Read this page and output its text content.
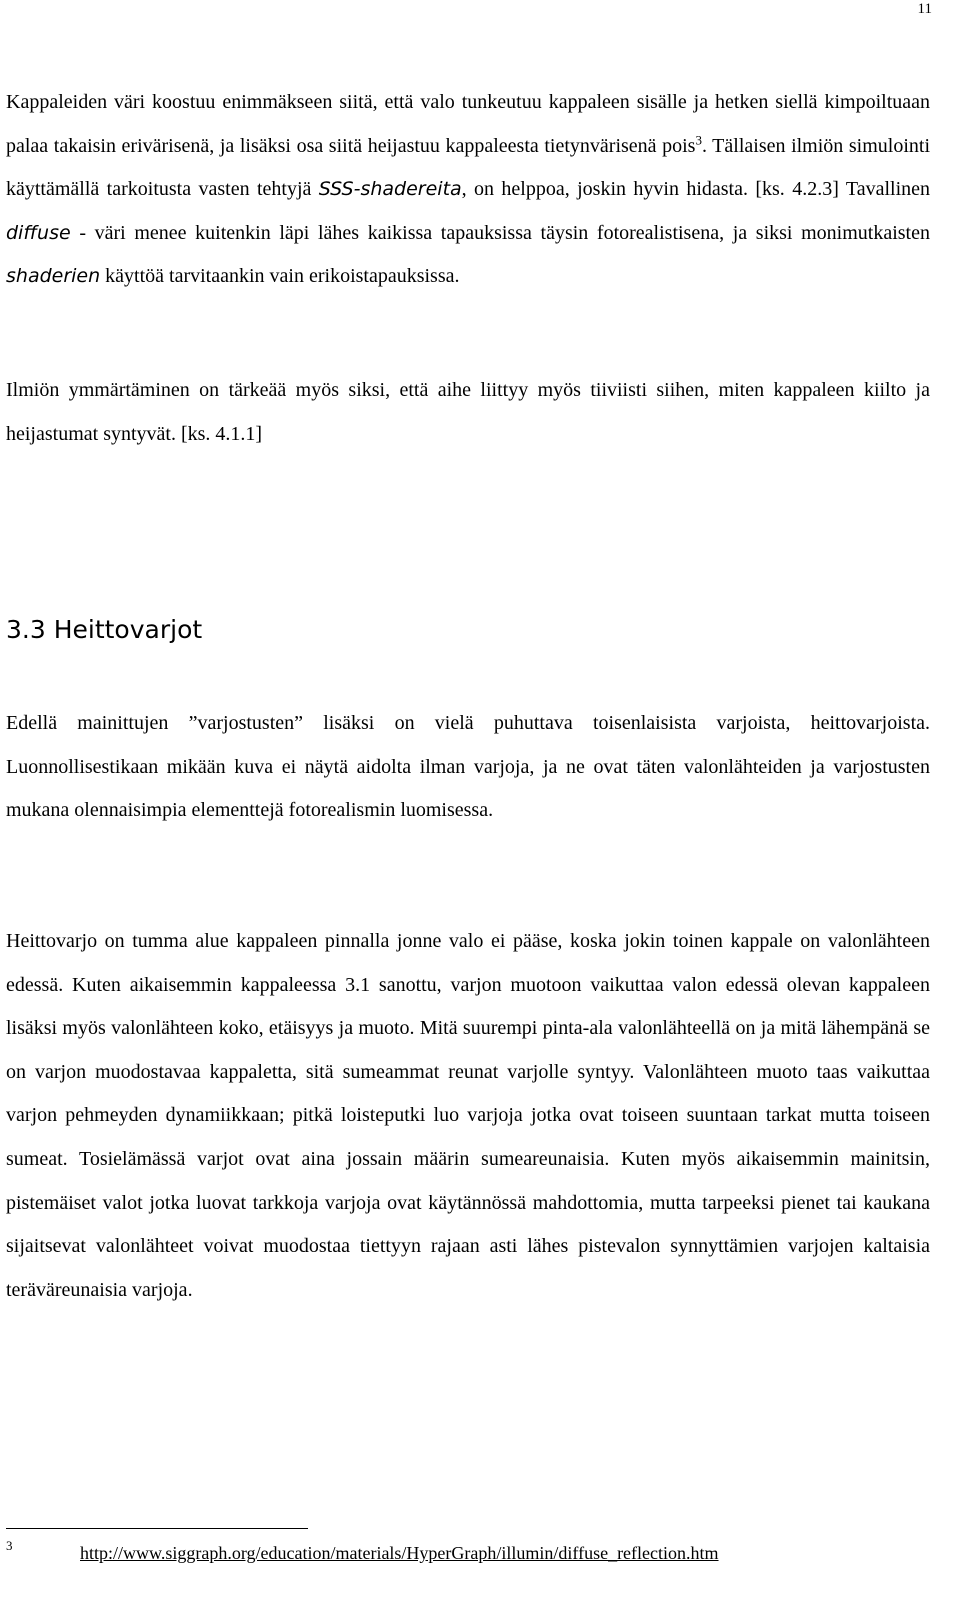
11

Kappaleiden väri koostuu enimmäkseen siitä, että valo tunkeutuu kappaleen sisälle ja hetken siellä kimpoiltuaan palaa takaisin erivärisenä, ja lisäksi osa siitä heijastuu kappaleesta tietynvärisenä pois$^3$. Tällaisen ilmiön simulointi käyttämällä tarkoitusta vasten tehtyjä SSS-shadereita, on helppoa, joskin hyvin hidasta. [ks. 4.2.3] Tavallinen diffuse - väri menee kuitenkin läpi lähes kaikissa tapauksissa täysin fotorealistisena, ja siksi monimutkaisten shaderien käyttöä tarvitaankin vain erikoistapauksissa.

Ilmiön ymmärtäminen on tärkeää myös siksi, että aihe liittyy myös tiiviisti siihen, miten kappaleen kiilto ja heijastumat syntyvät. [ks. 4.1.1]

3.3 Heittovarjot

Edellä mainittujen ”varjostusten” lisäksi on vielä puhuttava toisenlaisista varjoista, heittovarjoista. Luonnollisestikaan mikään kuva ei näytä aidolta ilman varjoja, ja ne ovat täten valonlähteiden ja varjostusten mukana olennaisimpia elementtejä fotorealismin luomisessa.

Heittovarjo on tumma alue kappaleen pinnalla jonne valo ei pääse, koska jokin toinen kappale on valonlähteen edessä. Kuten aikaisemmin kappaleessa 3.1 sanottu, varjon muotoon vaikuttaa valon edessä olevan kappaleen lisäksi myös valonlähteen koko, etäisyys ja muoto. Mitä suurempi pinta-ala valonlähteellä on ja mitä lähempänä se on varjon muodostavaa kappaletta, sitä sumeammat reunat varjolle syntyy. Valonlähteen muoto taas vaikuttaa varjon pehmeyden dynamiikkaan; pitkä loisteputki luo varjoja jotka ovat toiseen suuntaan tarkat mutta toiseen sumeat. Tosielämässä varjot ovat aina jossain määrin sumeareunaisia. Kuten myös aikaisemmin mainitsin, pistemäiset valot jotka luovat tarkkoja varjoja ovat käytännössä mahdottomia, mutta tarpeeksi pienet tai kaukana sijaitsevat valonlähteet voivat muodostaa tiettyyn rajaan asti lähes pistevalon synnyttämien varjojen kaltaisia teräväreunaisia varjoja.

3	http://www.siggraph.org/education/materials/HyperGraph/illumin/diffuse_reflection.htm
